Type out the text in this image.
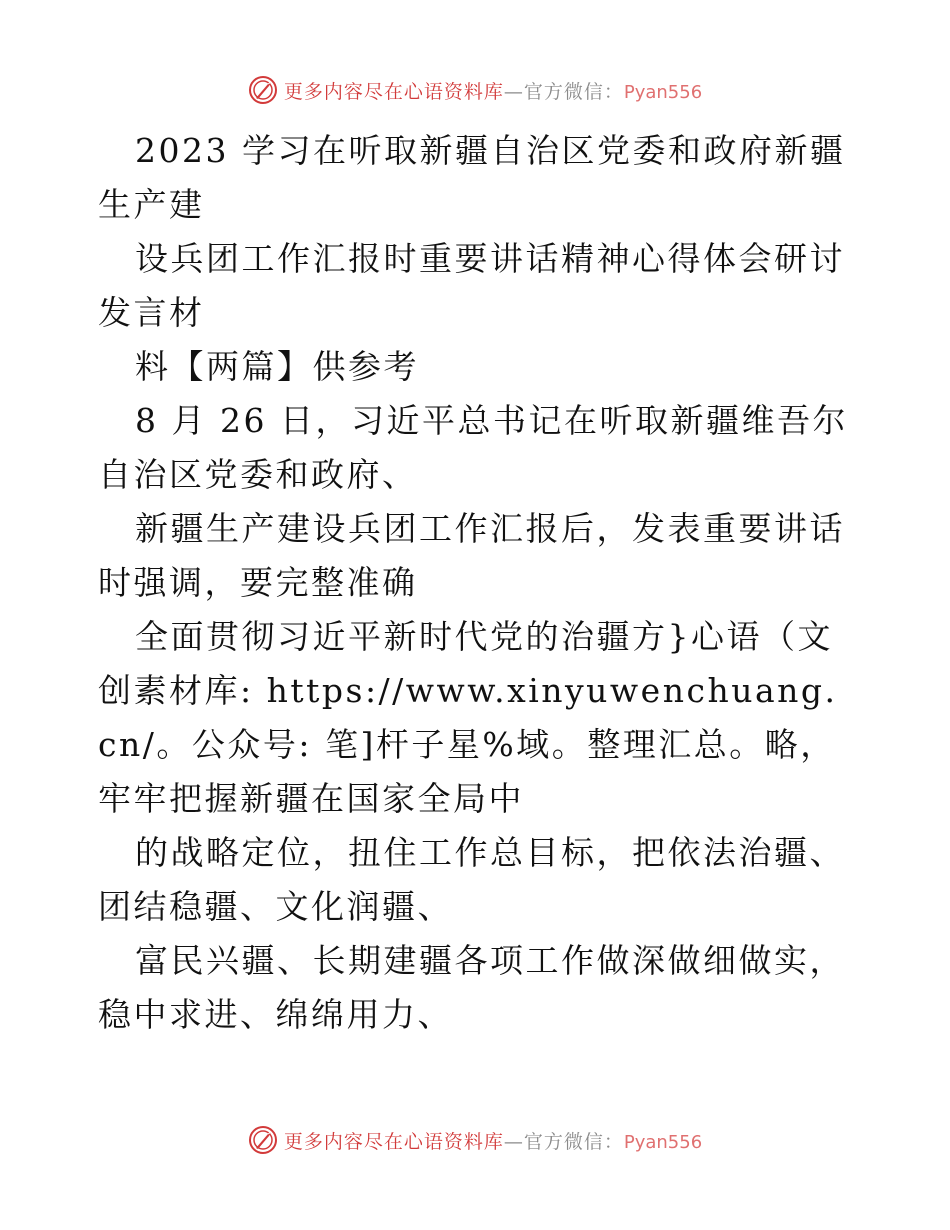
更多内容尽在心语资料库—官方微信：Pyan556

2023 学习在听取新疆自治区党委和政府新疆生产建

设兵团工作汇报时重要讲话精神心得体会研讨发言材

料【两篇】供参考

8 月 26 日，习近平总书记在听取新疆维吾尔自治区党委和政府、

新疆生产建设兵团工作汇报后，发表重要讲话时强调，要完整准确

全面贯彻习近平新时代党的治疆方}心语（文创素材库: https://www.xinyuwenchuang.cn/。公众号: 笔]杆子星%域。整理汇总。略，牢牢把握新疆在国家全局中

的战略定位，扭住工作总目标，把依法治疆、团结稳疆、文化润疆、

富民兴疆、长期建疆各项工作做深做细做实，稳中求进、绵绵用力、

更多内容尽在心语资料库—官方微信：Pyan556
